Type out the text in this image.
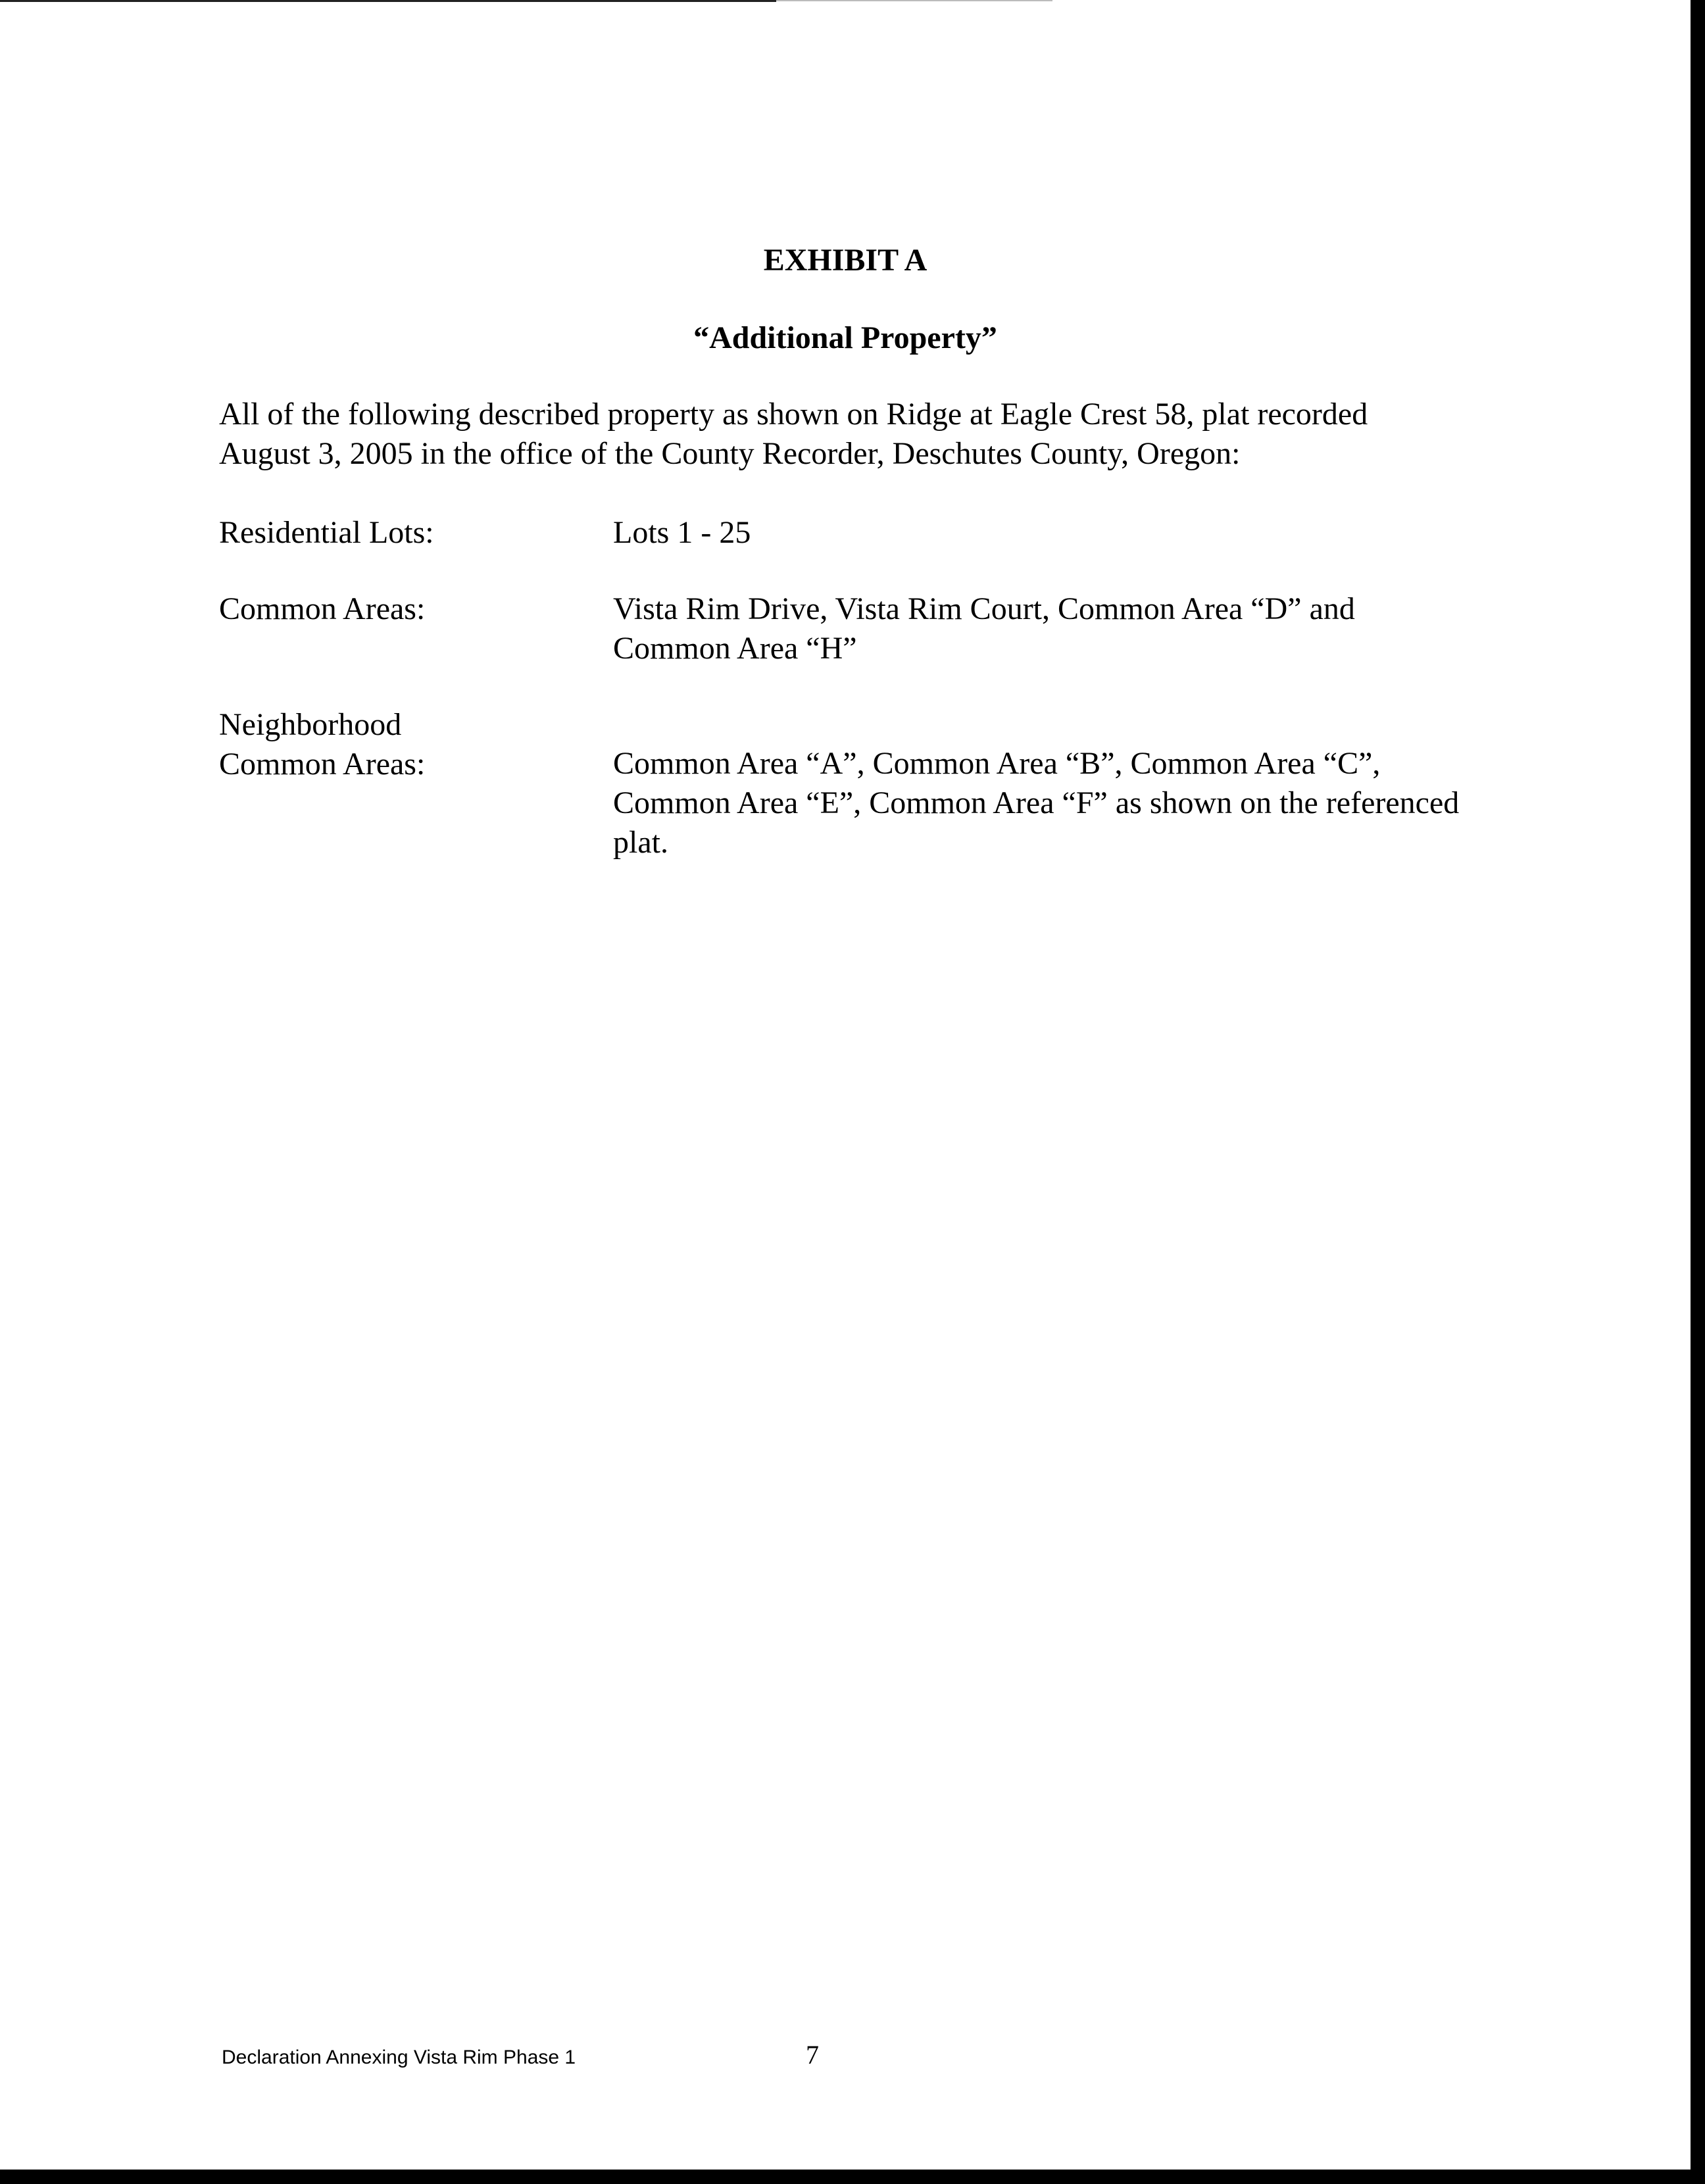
EXHIBIT A
“Additional Property”
All of the following described property as shown on Ridge at Eagle Crest 58, plat recorded
August 3, 2005 in the office of the County Recorder, Deschutes County, Oregon:
Residential Lots:	Lots 1 - 25
Common Areas:	Vista Rim Drive, Vista Rim Court, Common Area “D” and
Common Area “H”
Neighborhood
Common Areas:	Common Area “A”, Common Area “B”, Common Area “C”,
Common Area “E”, Common Area “F” as shown on the referenced
plat.
Declaration Annexing Vista Rim Phase 1	7
